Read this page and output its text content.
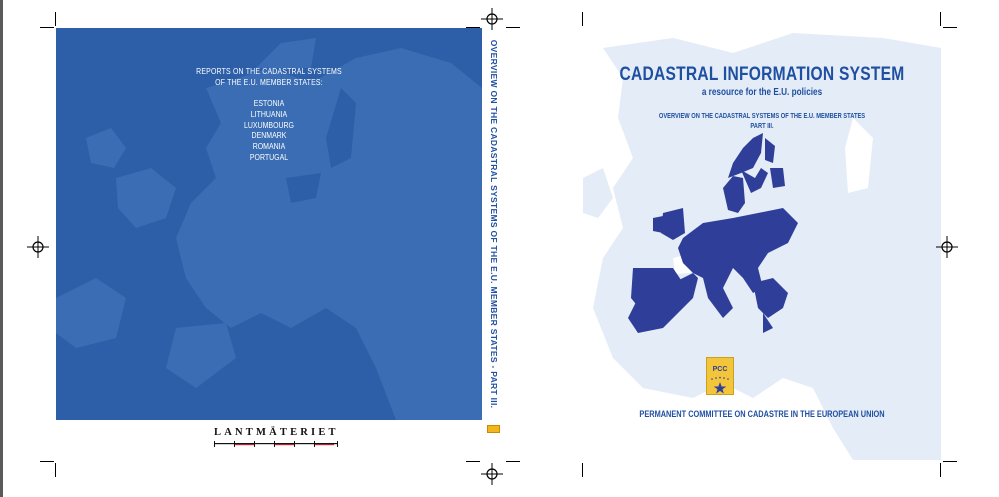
REPORTS ON THE CADASTRAL SYSTEMS
OF THE E.U. MEMBER STATES:
ESTONIA
LITHUANIA
LUXUMBOURG
DENMARK
ROMANIA
PORTUGAL
Published and produced:
Lantmäteriet, edition 2009
Printed: Lithotalmik AB
LANTMÄTERIET
OVERVIEW ON THE CADASTRAL SYSTEMS OF THE E.U. MEMBER STATES - PART III.	CADASTRAL INFORMATION SYSTEM
a resource for the E.U. policies
OVERVIEW ON THE CADASTRAL SYSTEMS OF THE E.U. MEMBER STATES
PART III.
PCC
PERMANENT COMMITTEE ON CADASTRE IN THE EUROPEAN UNION
